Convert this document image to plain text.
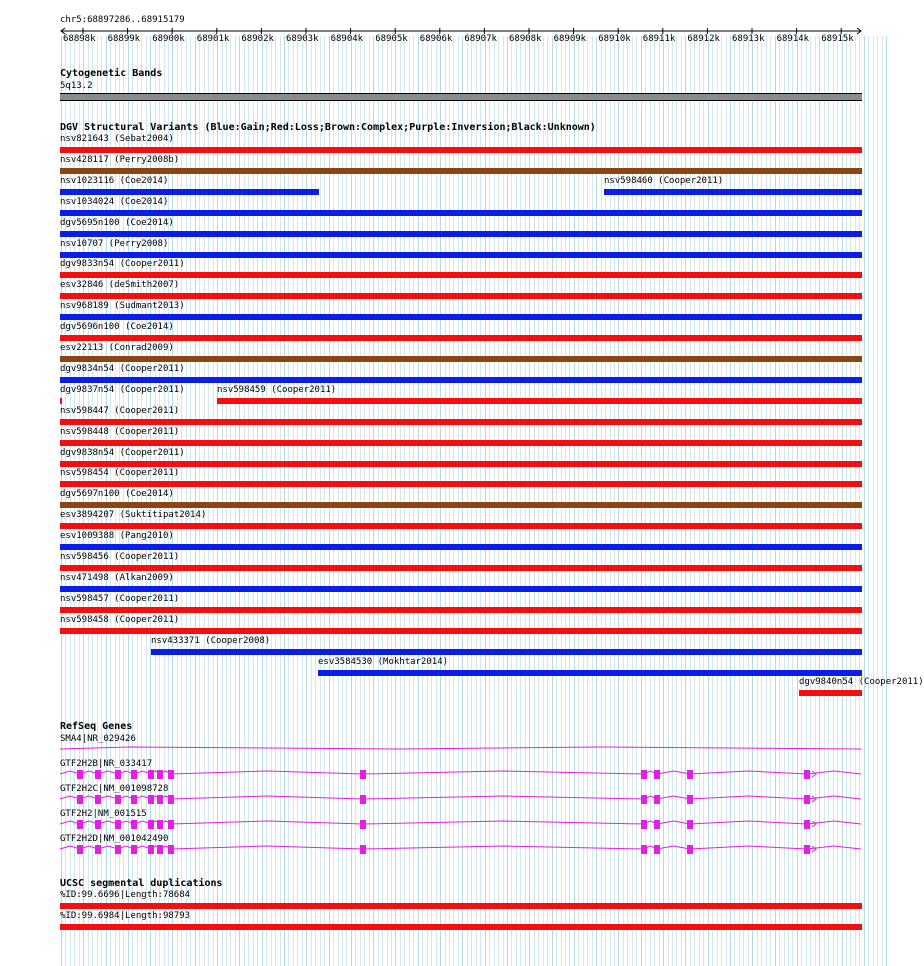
chr5:68897286..68915179
68898k 68899k 68900k 68901k 68902k 68903k 68904k 68905k 68906k 68907k 68908k 68909k 68910k 68911k 68912k 68913k 68914k 68915k
Cytogenetic Bands
5q13.2
DGV Structural Variants (Blue:Gain;Red:Loss;Brown:Complex;Purple:Inversion;Black:Unknown)
nsv821643 (Sebat2004)
nsv428117 (Perry2008b)
nsv1023116 (Coe2014)	nsv598460 (Cooper2011)
nsv1034024 (Coe2014)
dgv5695n100 (Coe2014)
nsv10707 (Perry2008)
dgv9833n54 (Cooper2011)
esv32846 (deSmith2007)
nsv968189 (Sudmant2013)
dgv5696n100 (Coe2014)
esv22113 (Conrad2009)
dgv9834n54 (Cooper2011)
dgv9837n54 (Cooper2011)	nsv598459 (Cooper2011)
nsv598447 (Cooper2011)
nsv598448 (Cooper2011)
dgv9838n54 (Cooper2011)
nsv598454 (Cooper2011)
dgv5697n100 (Coe2014)
esv3894207 (Suktitipat2014)
esv1009388 (Pang2010)
nsv598456 (Cooper2011)
nsv471498 (Alkan2009)
nsv598457 (Cooper2011)
nsv598458 (Cooper2011)
nsv433371 (Cooper2008)
esv3584530 (Mokhtar2014)
dgv9840n54 (Cooper2011)
RefSeq Genes
SMA4|NR_029426
GTF2H2B|NR_033417
GTF2H2C|NM_001098728
GTF2H2|NM_001515
GTF2H2D|NM_001042490
UCSC segmental duplications
%ID:99.6696|Length:78684
%ID:99.6984|Length:98793
